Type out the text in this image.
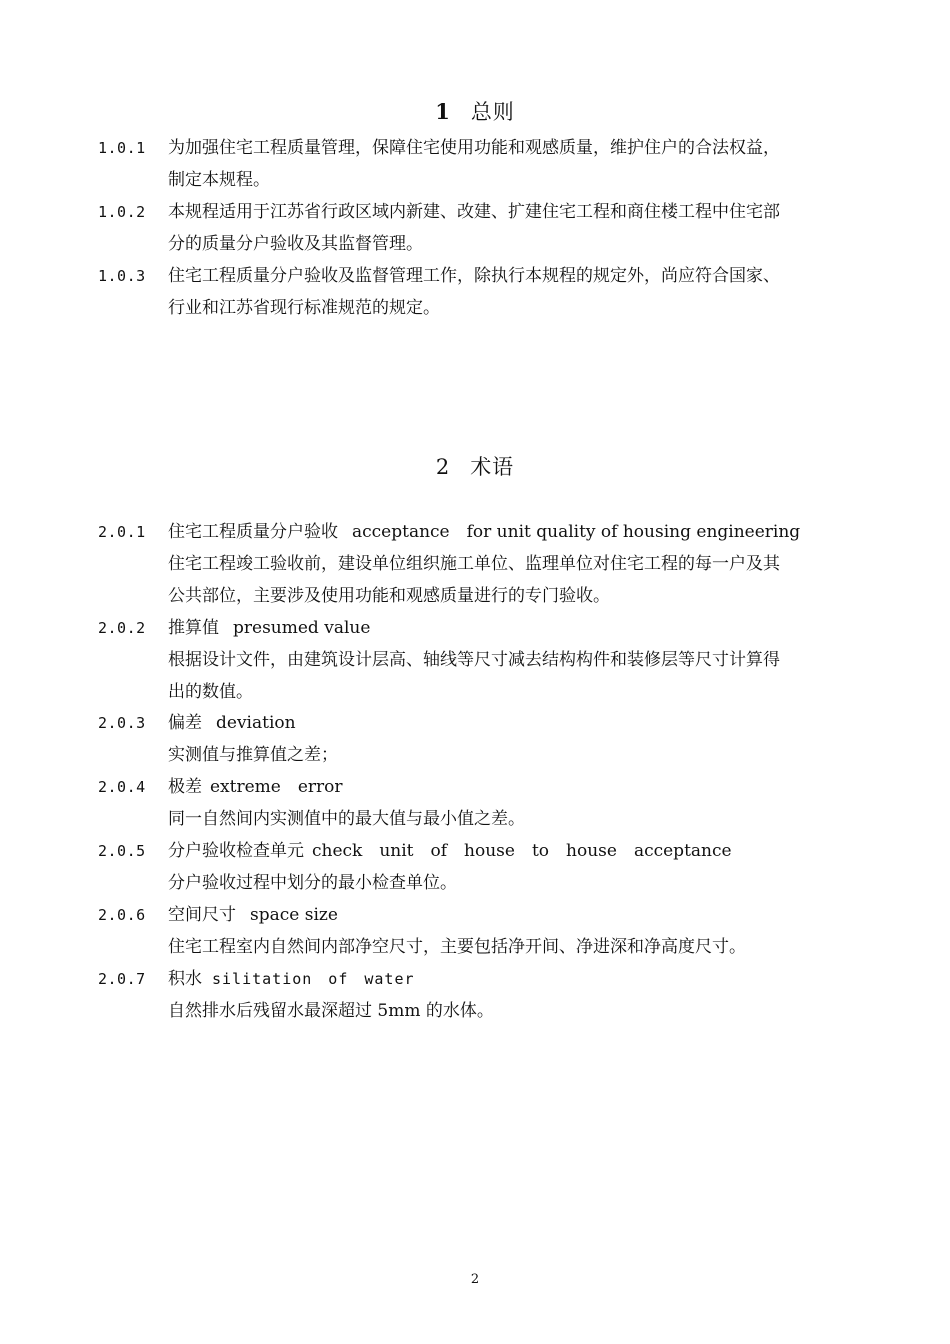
1 总则
1.0.1	为加强住宅工程质量管理，保障住宅使用功能和观感质量，维护住户的合法权益，
制定本规程。
1.0.2	本规程适用于江苏省行政区域内新建、改建、扩建住宅工程和商住楼工程中住宅部
分的质量分户验收及其监督管理。
1.0.3	住宅工程质量分户验收及监督管理工作，除执行本规程的规定外，尚应符合国家、
行业和江苏省现行标准规范的规定。
2 术语
2.0.1	住宅工程质量分户验收 acceptance　for unit quality of housing engineering
住宅工程竣工验收前，建设单位组织施工单位、监理单位对住宅工程的每一户及其
公共部位，主要涉及使用功能和观感质量进行的专门验收。
2.0.2	推算值 presumed value
根据设计文件，由建筑设计层高、轴线等尺寸减去结构构件和装修层等尺寸计算得
出的数值。
2.0.3	偏差 deviation
实测值与推算值之差；
2.0.4	极差 extreme　error
同一自然间内实测值中的最大值与最小值之差。
2.0.5	分户验收检查单元 check　unit　of　house　to　house　acceptance
分户验收过程中划分的最小检查单位。
2.0.6	空间尺寸 space size
住宅工程室内自然间内部净空尺寸，主要包括净开间、净进深和净高度尺寸。
2.0.7	积水 silitation　of　water
自然排水后残留水最深超过 5mm 的水体。
2
